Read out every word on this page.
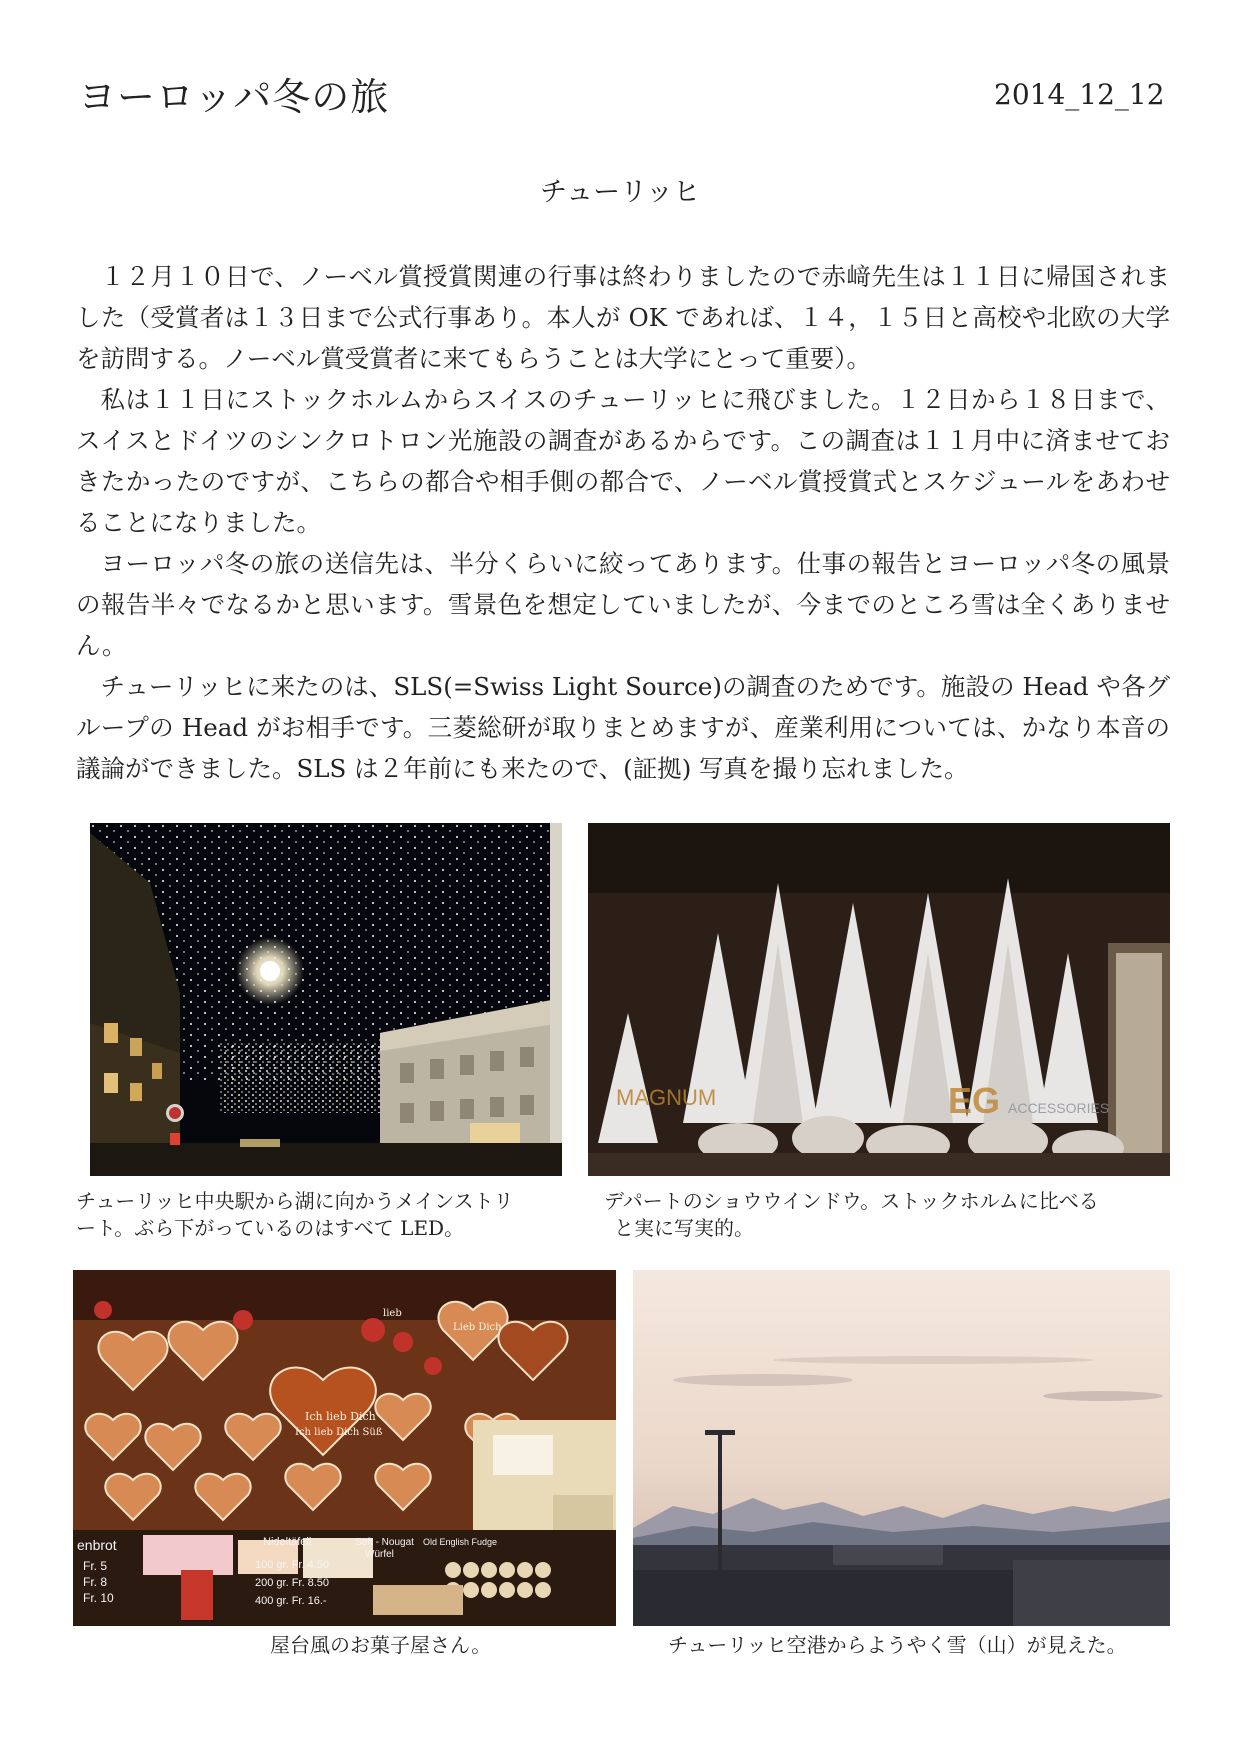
ヨーロッパ冬の旅	2014_12_12
チューリッヒ

１２月１０日で、ノーベル賞授賞関連の行事は終わりましたので赤﨑先生は１１日に帰国されました（受賞者は１３日まで公式行事あり。本人が OK であれば、１４，１５日と高校や北欧の大学を訪問する。ノーベル賞受賞者に来てもらうことは大学にとって重要）。

私は１１日にストックホルムからスイスのチューリッヒに飛びました。１２日から１８日まで、スイスとドイツのシンクロトロン光施設の調査があるからです。この調査は１１月中に済ませておきたかったのですが、こちらの都合や相手側の都合で、ノーベル賞授賞式とスケジュールをあわせることになりました。

ヨーロッパ冬の旅の送信先は、半分くらいに絞ってあります。仕事の報告とヨーロッパ冬の風景の報告半々でなるかと思います。雪景色を想定していましたが、今までのところ雪は全くありません。

チューリッヒに来たのは、SLS(=Swiss Light Source)の調査のためです。施設の Head や各グループの Head がお相手です。三菱総研が取りまとめますが、産業利用については、かなり本音の議論ができました。SLS は２年前にも来たので、(証拠) 写真を撮り忘れました。

チューリッヒ中央駅から湖に向かうメインストリ
ート。ぶら下がっているのはすべて LED。
MAGNUM	EG ACCESSORIES
デパートのショウウインドウ。ストックホルムに比べる
と実に写実的。
Ich lieb Dich
Ich lieb Dich Süß
Lieb Dich
lieb
enbrot
Fr. 5
Fr. 8
Fr. 10
Nideltäfeli
100 gr. Fr. 4.50
200 gr. Fr. 8.50
400 gr. Fr. 16.-
Soft - Nougat
Würfel
Old English Fudge
屋台風のお菓子屋さん。	チューリッヒ空港からようやく雪（山）が見えた。
